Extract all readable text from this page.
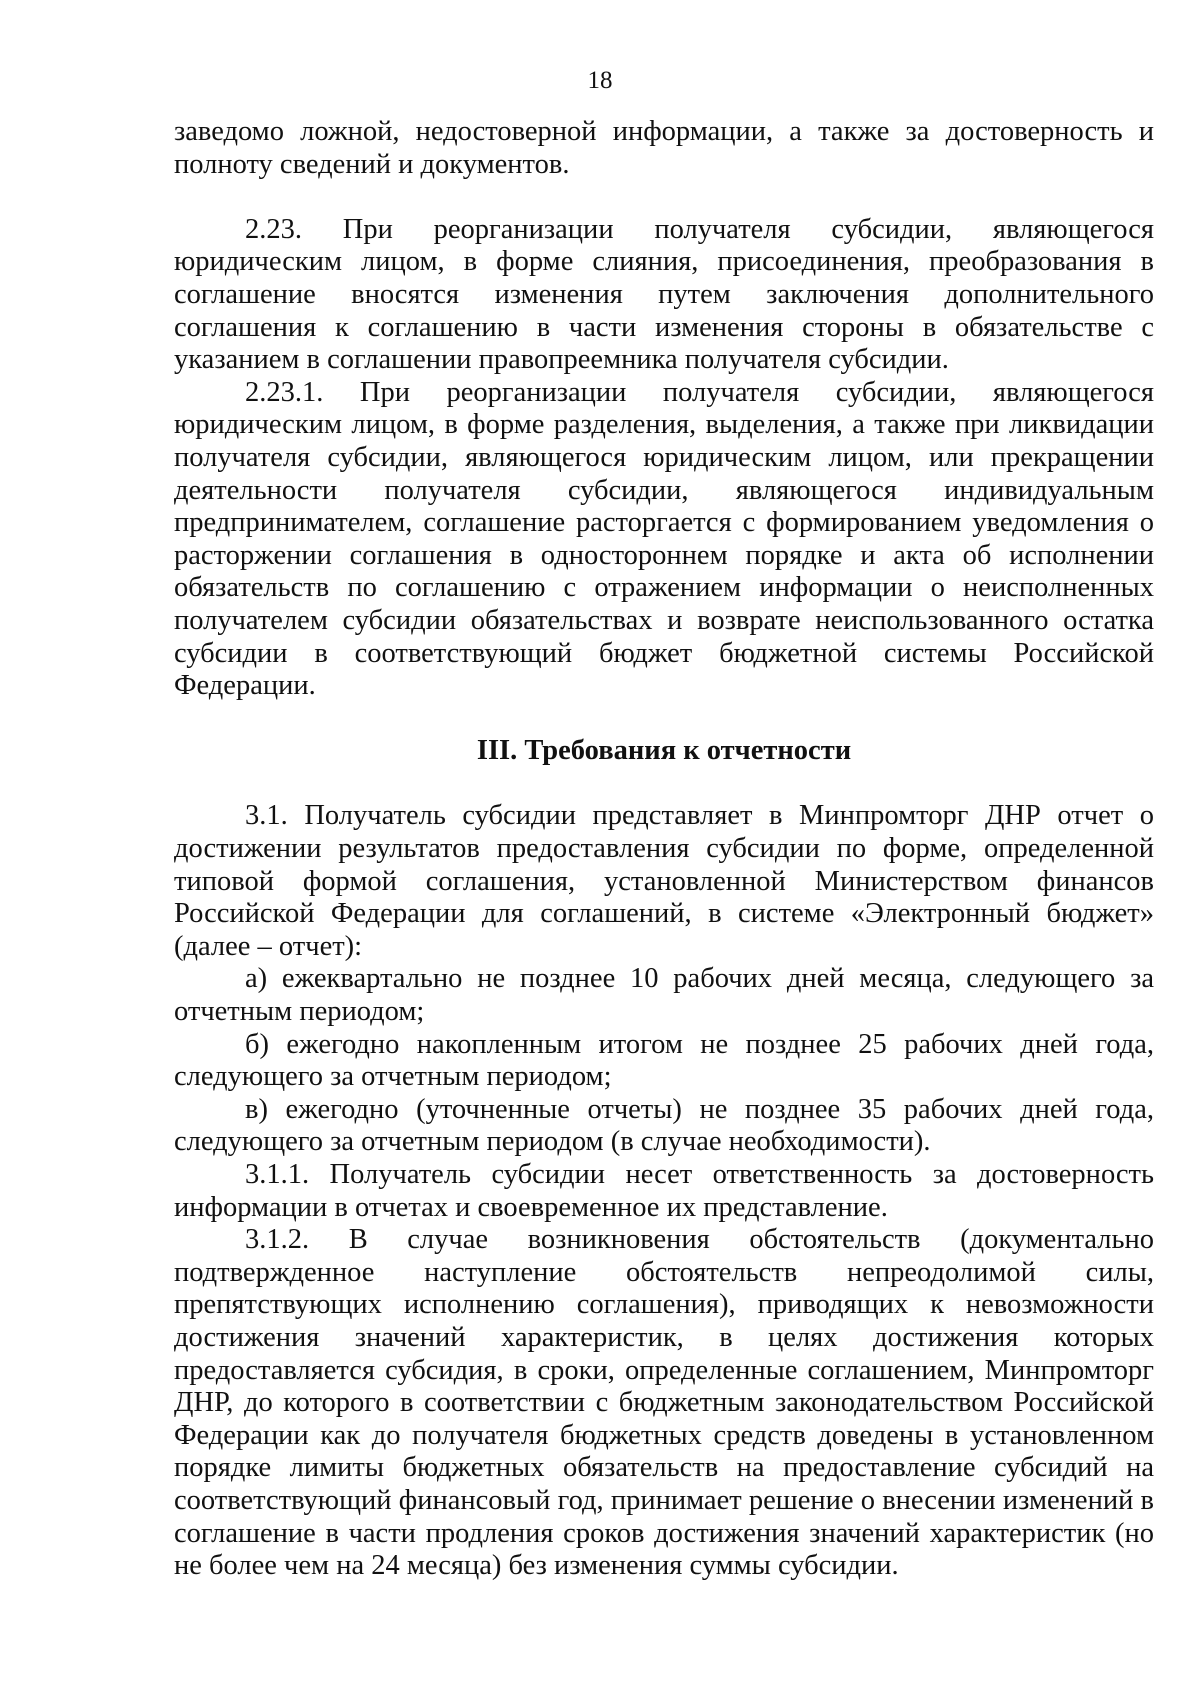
18

заведомо ложной, недостоверной информации, а также за достоверность и полноту сведений и документов.

2.23. При реорганизации получателя субсидии, являющегося юридическим лицом, в форме слияния, присоединения, преобразования в соглашение вносятся изменения путем заключения дополнительного соглашения к соглашению в части изменения стороны в обязательстве с указанием в соглашении правопреемника получателя субсидии.

2.23.1. При реорганизации получателя субсидии, являющегося юридическим лицом, в форме разделения, выделения, а также при ликвидации получателя субсидии, являющегося юридическим лицом, или прекращении деятельности получателя субсидии, являющегося индивидуальным предпринимателем, соглашение расторгается с формированием уведомления о расторжении соглашения в одностороннем порядке и акта об исполнении обязательств по соглашению с отражением информации о неисполненных получателем субсидии обязательствах и возврате неиспользованного остатка субсидии в соответствующий бюджет бюджетной системы Российской Федерации.

III. Требования к отчетности

3.1. Получатель субсидии представляет в Минпромторг ДНР отчет о достижении результатов предоставления субсидии по форме, определенной типовой формой соглашения, установленной Министерством финансов Российской Федерации для соглашений, в системе «Электронный бюджет» (далее – отчет):

а) ежеквартально не позднее 10 рабочих дней месяца, следующего за отчетным периодом;

б) ежегодно накопленным итогом не позднее 25 рабочих дней года, следующего за отчетным периодом;

в) ежегодно (уточненные отчеты) не позднее 35 рабочих дней года, следующего за отчетным периодом (в случае необходимости).

3.1.1. Получатель субсидии несет ответственность за достоверность информации в отчетах и своевременное их представление.

3.1.2. В случае возникновения обстоятельств (документально подтвержденное наступление обстоятельств непреодолимой силы, препятствующих исполнению соглашения), приводящих к невозможности достижения значений характеристик, в целях достижения которых предоставляется субсидия, в сроки, определенные соглашением, Минпромторг ДНР, до которого в соответствии с бюджетным законодательством Российской Федерации как до получателя бюджетных средств доведены в установленном порядке лимиты бюджетных обязательств на предоставление субсидий на соответствующий финансовый год, принимает решение о внесении изменений в соглашение в части продления сроков достижения значений характеристик (но не более чем на 24 месяца) без изменения суммы субсидии.
